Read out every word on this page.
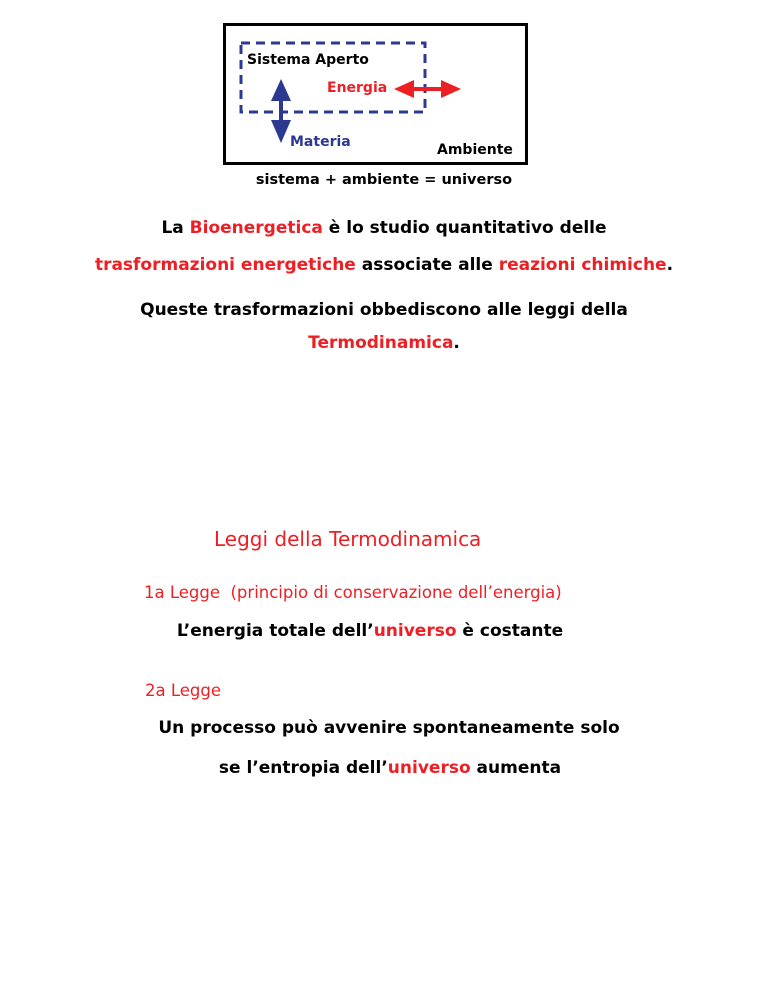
Sistema Aperto
Energia
Materia	Ambiente
sistema + ambiente = universo
La Bioenergetica è lo studio quantitativo delle
trasformazioni energetiche associate alle reazioni chimiche.
Queste trasformazioni obbediscono alle leggi della
Termodinamica.
Leggi della Termodinamica
1a Legge  (principio di conservazione dell’energia)
L’energia totale dell’universo è costante
2a Legge
Un processo può avvenire spontaneamente solo
se l’entropia dell’universo aumenta
